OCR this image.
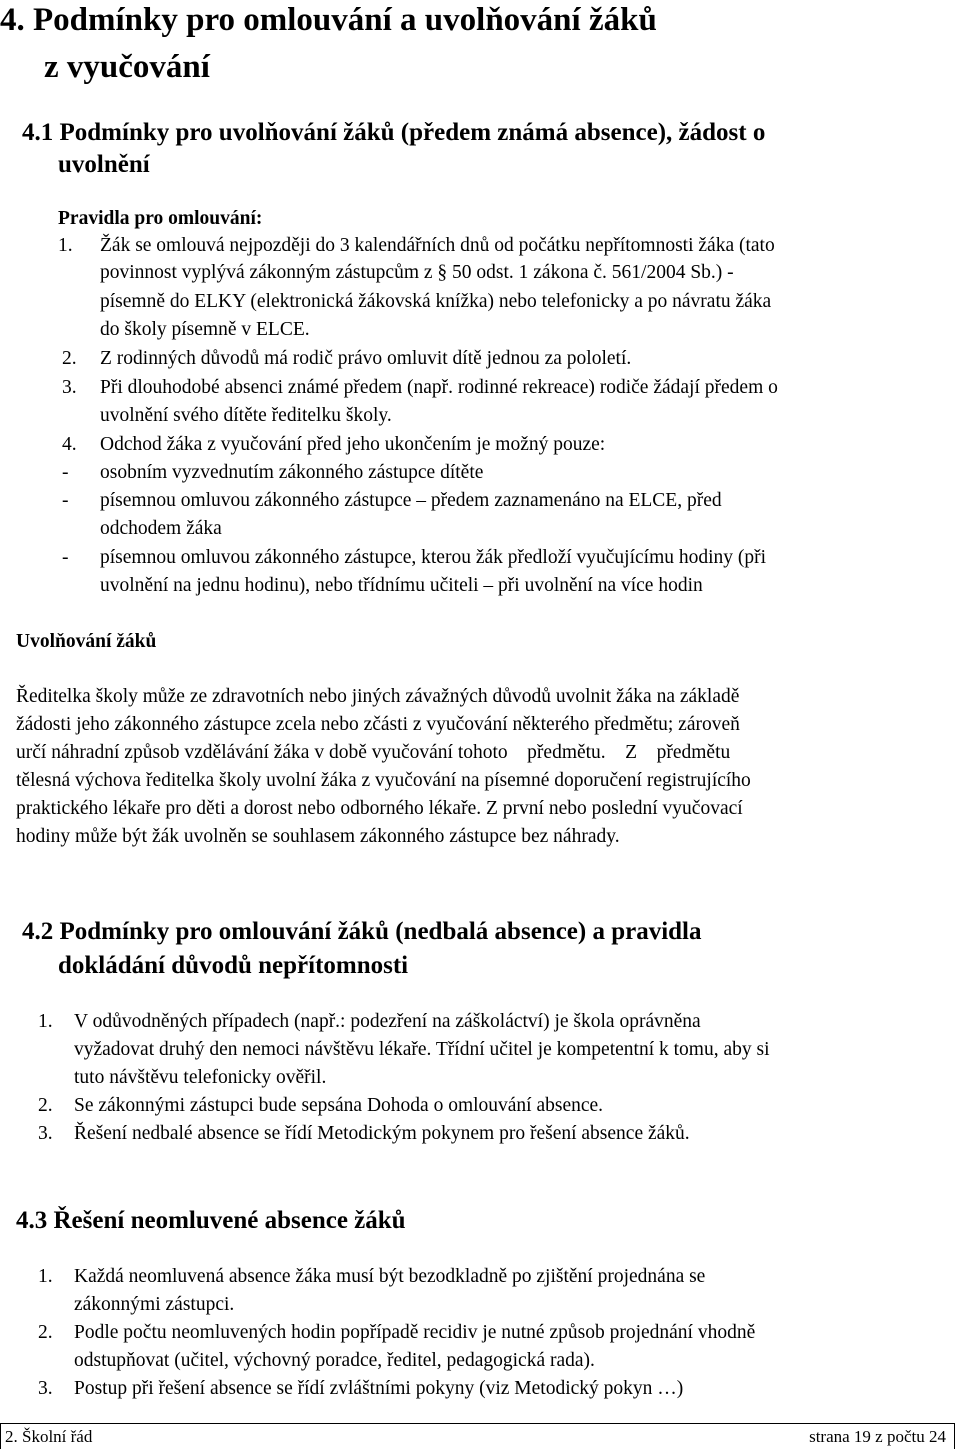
4. Podmínky pro omlouvání a uvolňování žáků
z vyučování
4.1 Podmínky pro uvolňování žáků (předem známá absence), žádost o
uvolnění
Pravidla pro omlouvání:
1. Žák se omlouvá nejpozději do 3 kalendářních dnů od počátku nepřítomnosti žáka (tato
povinnost vyplývá zákonným zástupcům z § 50 odst. 1 zákona č. 561/2004 Sb.) -
písemně do ELKY (elektronická žákovská knížka) nebo telefonicky a po návratu žáka
do školy písemně v ELCE.
2. Z rodinných důvodů má rodič právo omluvit dítě jednou za pololetí.
3. Při dlouhodobé absenci známé předem (např. rodinné rekreace) rodiče žádají předem o
uvolnění svého dítěte ředitelku školy.
4. Odchod žáka z vyučování před jeho ukončením je možný pouze:
- osobním vyzvednutím zákonného zástupce dítěte
- písemnou omluvou zákonného zástupce – předem zaznamenáno na ELCE, před
odchodem žáka
- písemnou omluvou zákonného zástupce, kterou žák předloží vyučujícímu hodiny (při
uvolnění na jednu hodinu), nebo třídnímu učiteli – při uvolnění na více hodin
Uvolňování žáků
Ředitelka školy může ze zdravotních nebo jiných závažných důvodů uvolnit žáka na základě
žádosti jeho zákonného zástupce zcela nebo zčásti z vyučování některého předmětu; zároveň
určí náhradní způsob vzdělávání žáka v době vyučování tohoto    předmětu.    Z    předmětu
tělesná výchova ředitelka školy uvolní žáka z vyučování na písemné doporučení registrujícího
praktického lékaře pro děti a dorost nebo odborného lékaře. Z první nebo poslední vyučovací
hodiny může být žák uvolněn se souhlasem zákonného zástupce bez náhrady.
4.2 Podmínky pro omlouvání žáků (nedbalá absence) a pravidla
dokládání důvodů nepřítomnosti
1. V odůvodněných případech (např.: podezření na záškoláctví) je škola oprávněna
vyžadovat druhý den nemoci návštěvu lékaře. Třídní učitel je kompetentní k tomu, aby si
tuto návštěvu telefonicky ověřil.
2. Se zákonnými zástupci bude sepsána Dohoda o omlouvání absence.
3. Řešení nedbalé absence se řídí Metodickým pokynem pro řešení absence žáků.
4.3 Řešení neomluvené absence žáků
1. Každá neomluvená absence žáka musí být bezodkladně po zjištění projednána se
zákonnými zástupci.
2. Podle počtu neomluvených hodin popřípadě recidiv je nutné způsob projednání vhodně
odstupňovat (učitel, výchovný poradce, ředitel, pedagogická rada).
3. Postup při řešení absence se řídí zvláštními pokyny (viz Metodický pokyn …)
2. Školní řád	strana 19 z počtu 24
